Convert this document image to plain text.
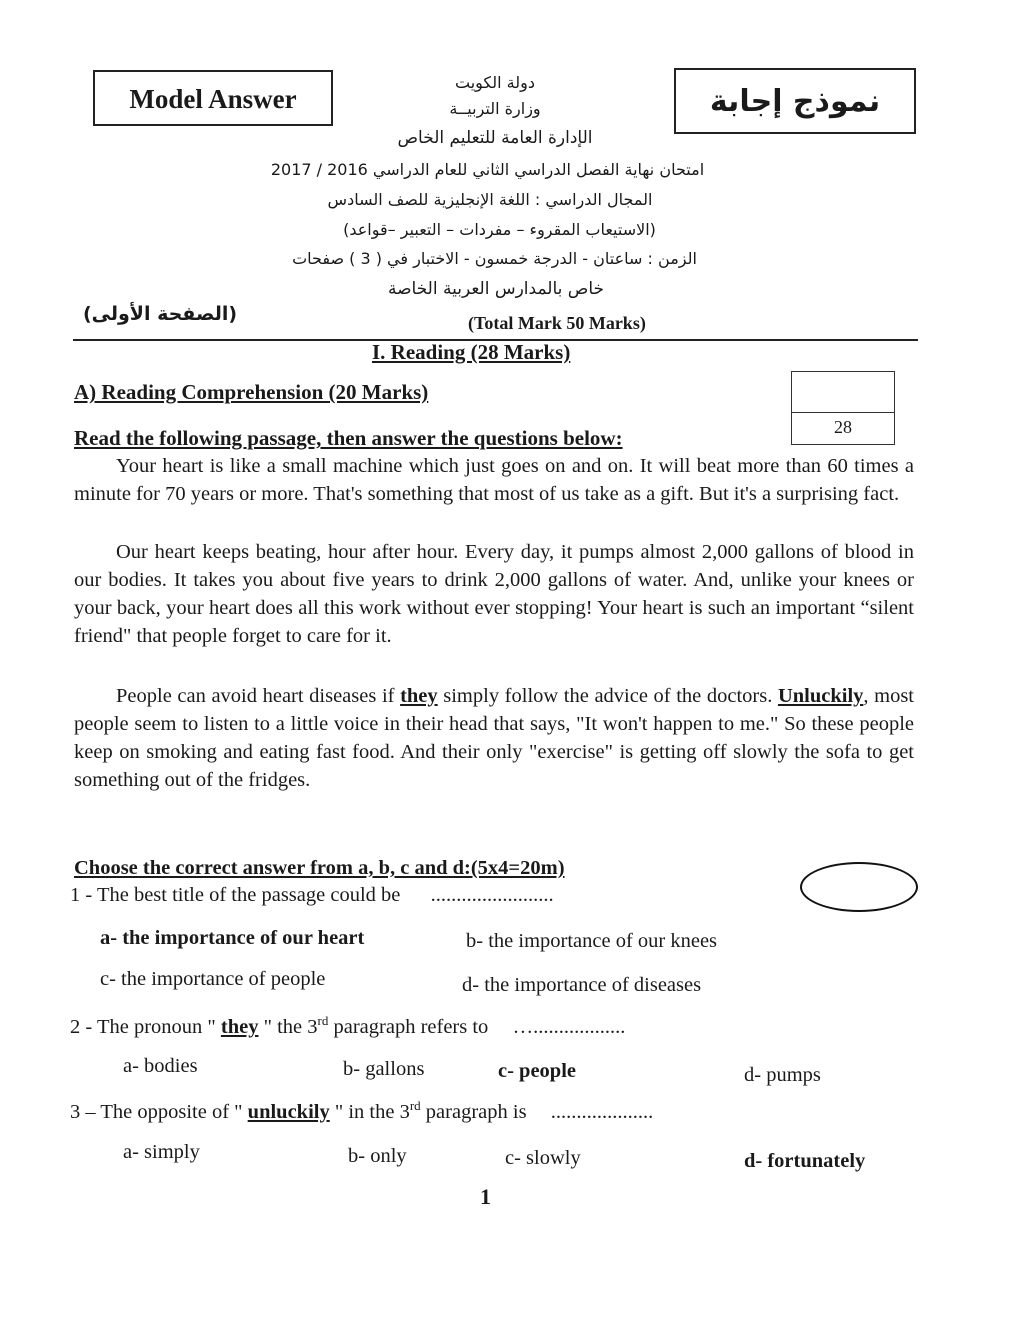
Model Answer	نموذج إجابة
دولة الكويت
وزارة التربيــة
الإدارة العامة للتعليم الخاص
امتحان نهاية الفصل الدراسي الثاني للعام الدراسي 2016 / 2017
المجال الدراسي : اللغة الإنجليزية للصف السادس
(الاستيعاب المقروء – مفردات – التعبير –قواعد)
الزمن : ساعتان - الدرجة خمسون - الاختبار في ( 3 ) صفحات
خاص بالمدارس العربية الخاصة
(الصفحة الأولى)	(Total Mark 50 Marks)
I. Reading (28 Marks)
A) Reading Comprehension (20 Marks)
Read the following passage, then answer the questions below:	28
Your heart is like a small machine which just goes on and on. It will beat more than 60 times a minute for 70 years or more. That's something that most of us take as a gift. But it's a surprising fact.
Our heart keeps beating, hour after hour. Every day, it pumps almost 2,000 gallons of blood in our bodies. It takes you about five years to drink 2,000 gallons of water. And, unlike your knees or your back, your heart does all this work without ever stopping! Your heart is such an important “silent friend" that people forget to care for it.
People can avoid heart diseases if they simply follow the advice of the doctors. Unluckily, most people seem to listen to a little voice in their head that says, "It won't happen to me." So these people keep on smoking and eating fast food. And their only "exercise" is getting off slowly the sofa to get something out of the fridges.
Choose the correct answer from a, b, c and d:(5x4=20m)
1 - The best title of the passage could be ........................
a- the importance of our heart	b- the importance of our knees
c- the importance of people	d- the importance of diseases
2 - The pronoun " they " the 3rd paragraph refers to …..................
a- bodies	b- gallons	c- people	d- pumps
3 – The opposite of " unluckily " in the 3rd paragraph is ....................
a- simply	b- only	c- slowly	d- fortunately
1
